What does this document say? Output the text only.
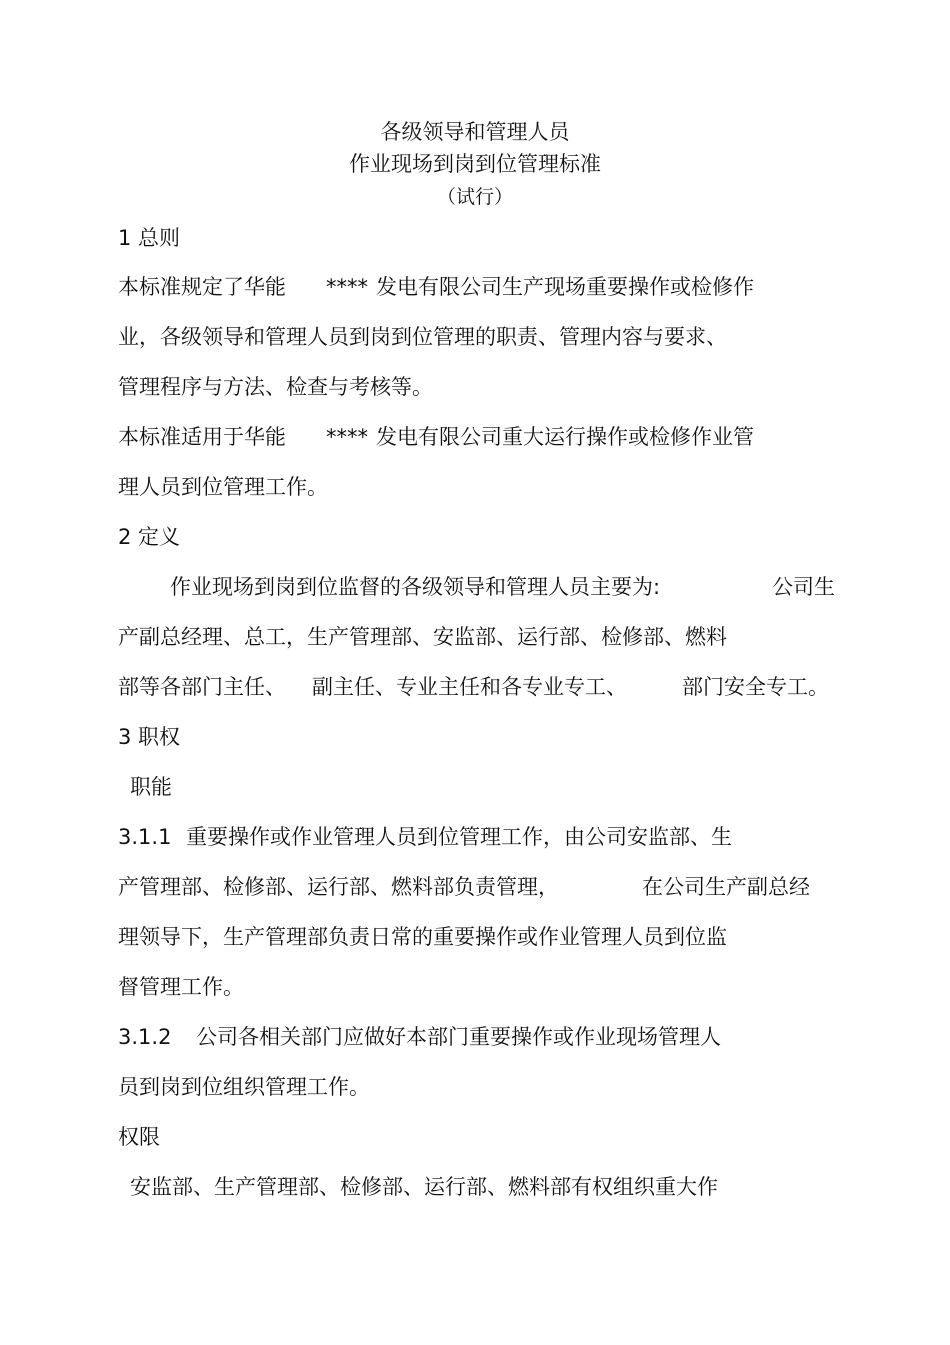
各级领导和管理人员
作业现场到岗到位管理标准
（试行）
1 总则
本标准规定了华能 **** 发电有限公司生产现场重要操作或检修作
业，各级领导和管理人员到岗到位管理的职责、管理内容与要求、
管理程序与方法、检查与考核等。
本标准适用于华能 **** 发电有限公司重大运行操作或检修作业管
理人员到位管理工作。
2 定义
作业现场到岗到位监督的各级领导和管理人员主要为:	公司生
产副总经理、总工，生产管理部、安监部、运行部、检修部、燃料
部等各部门主任、 副主任、专业主任和各专业专工、	部门安全专工。
3 职权
职能
3.1.1 重要操作或作业管理人员到位管理工作，由公司安监部、生
产管理部、检修部、运行部、燃料部负责管理，	在公司生产副总经
理领导下，生产管理部负责日常的重要操作或作业管理人员到位监
督管理工作。
3.1.2 公司各相关部门应做好本部门重要操作或作业现场管理人
员到岗到位组织管理工作。
权限
安监部、生产管理部、检修部、运行部、燃料部有权组织重大作
